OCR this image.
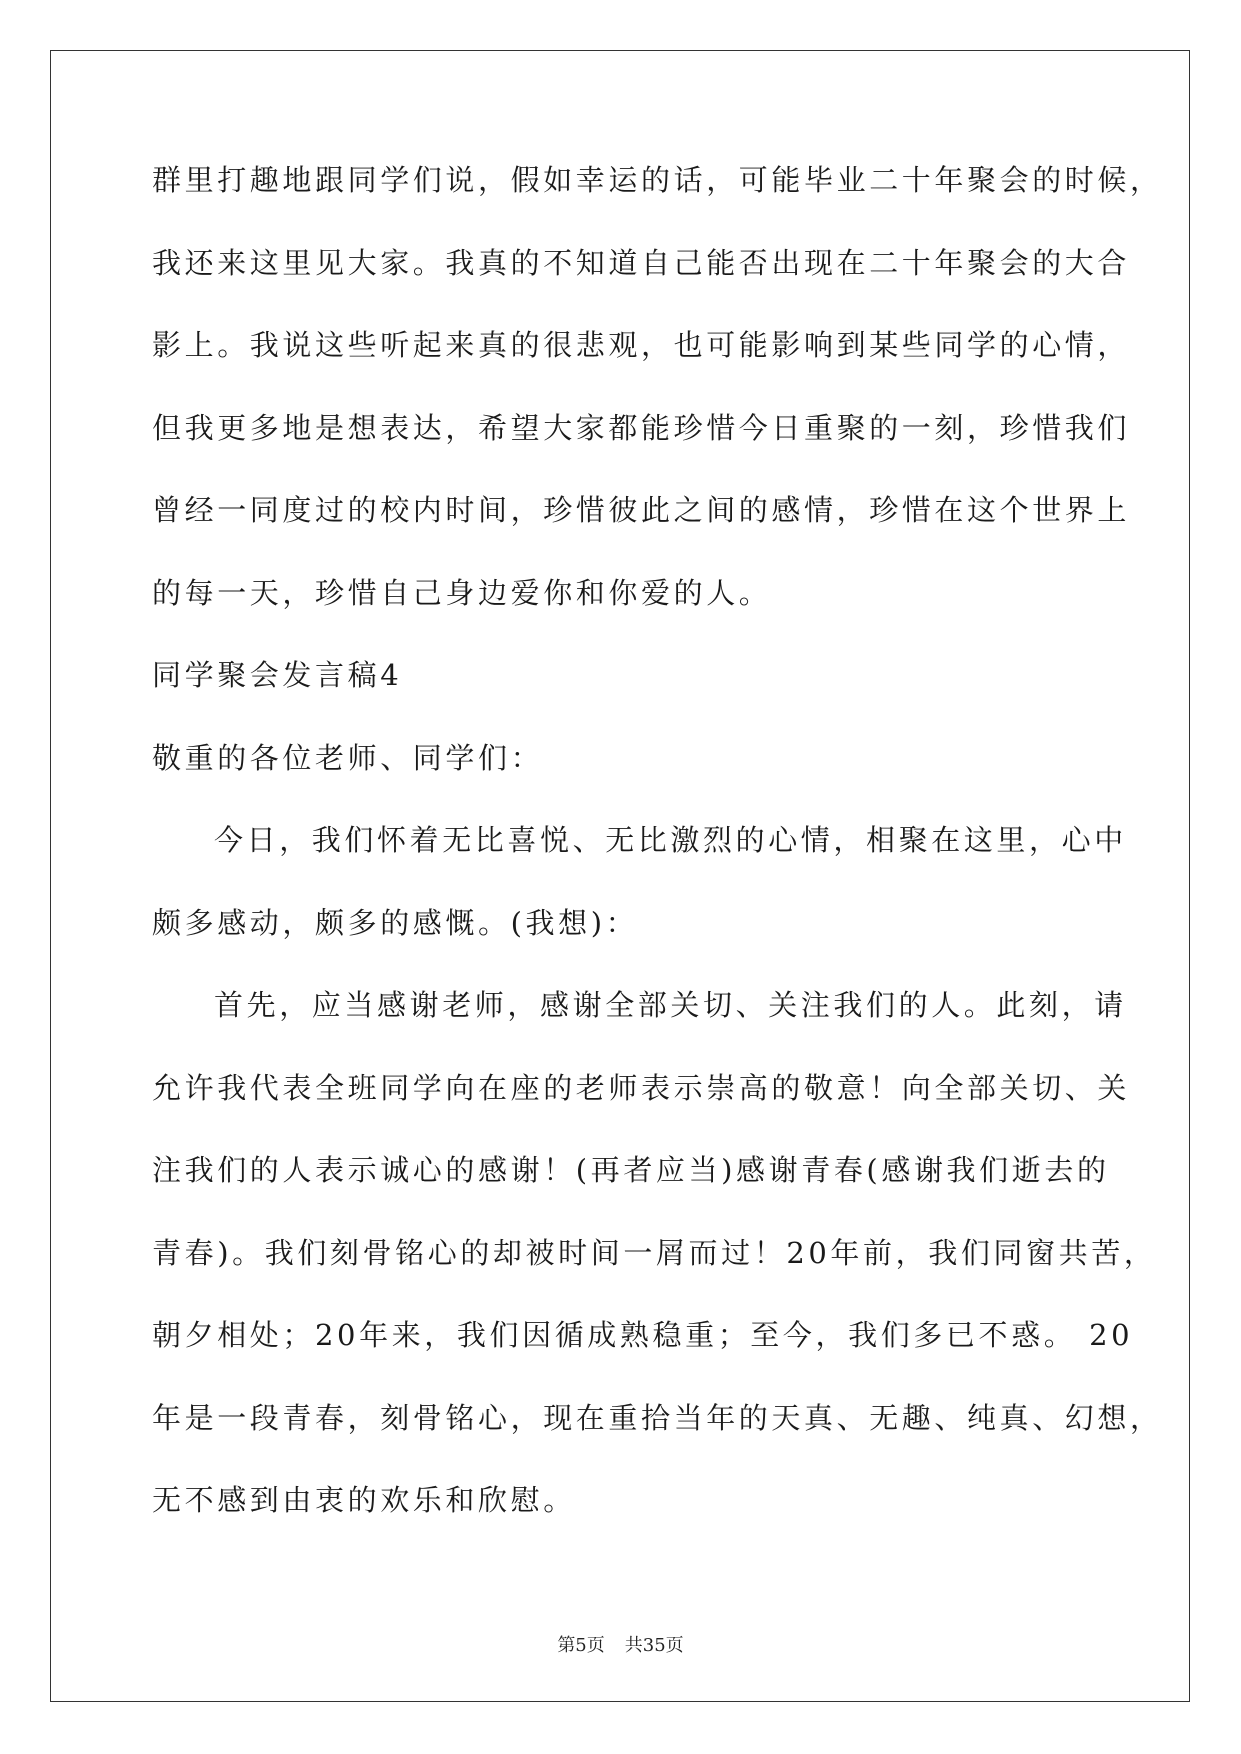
群里打趣地跟同学们说，假如幸运的话，可能毕业二十年聚会的时候，
我还来这里见大家。我真的不知道自己能否出现在二十年聚会的大合
影上。我说这些听起来真的很悲观，也可能影响到某些同学的心情，
但我更多地是想表达，希望大家都能珍惜今日重聚的一刻，珍惜我们
曾经一同度过的校内时间，珍惜彼此之间的感情，珍惜在这个世界上
的每一天，珍惜自己身边爱你和你爱的人。
同学聚会发言稿4
敬重的各位老师、同学们：
今日，我们怀着无比喜悦、无比激烈的心情，相聚在这里，心中
颇多感动，颇多的感慨。(我想)：
首先，应当感谢老师，感谢全部关切、关注我们的人。此刻，请
允许我代表全班同学向在座的老师表示崇高的敬意！向全部关切、关
注我们的人表示诚心的感谢！(再者应当)感谢青春(感谢我们逝去的
青春)。我们刻骨铭心的却被时间一屑而过！20年前，我们同窗共苦，
朝夕相处；20年来，我们因循成熟稳重；至今，我们多已不惑。 20
年是一段青春，刻骨铭心，现在重拾当年的天真、无趣、纯真、幻想，
无不感到由衷的欢乐和欣慰。
第5页 共35页
